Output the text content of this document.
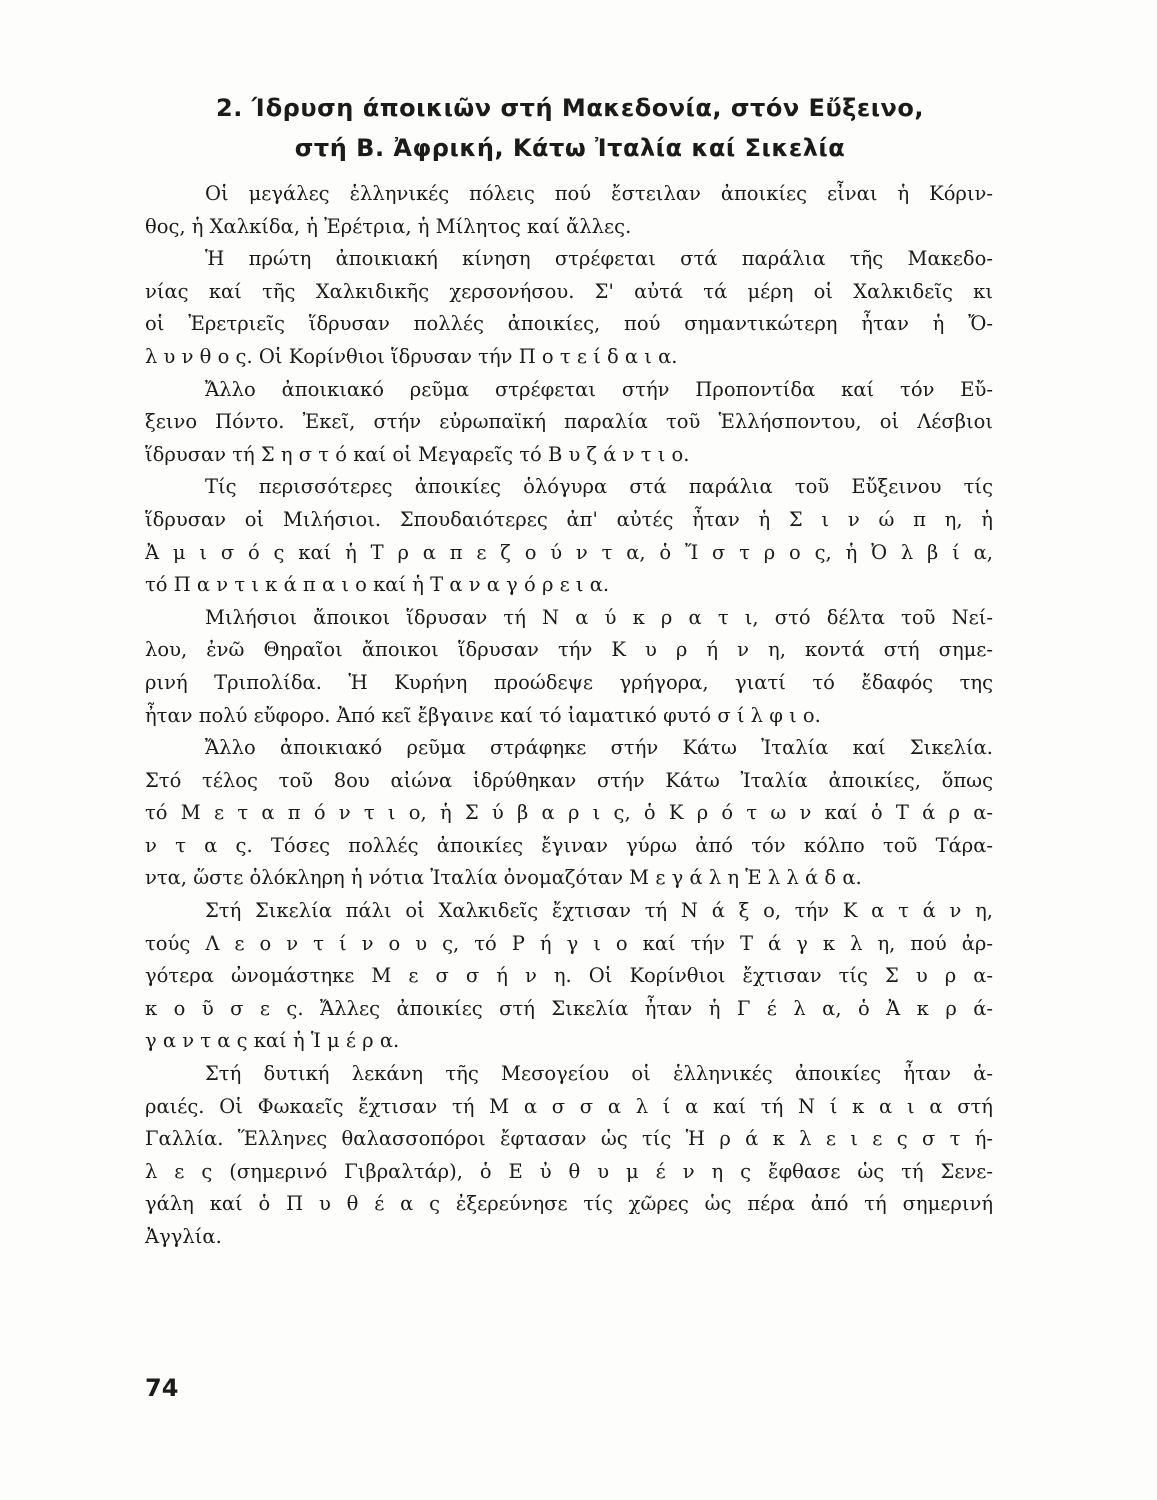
2. Ίδρυση άποικιῶν στή Μακεδονία, στόν Εὔξεινο,
στή Β. Ἀφρική, Κάτω Ἰταλία καί Σικελία
Οἱ μεγάλες ἑλληνικές πόλεις πού ἔστειλαν ἀποικίες εἶναι ἡ Κόριν-
θος, ἡ Χαλκίδα, ἡ Ἐρέτρια, ἡ Μίλητος καί ἄλλες.
Ἡ πρώτη ἀποικιακή κίνηση στρέφεται στά παράλια τῆς Μακεδο-
νίας καί τῆς Χαλκιδικῆς χερσονήσου. Σ' αὐτά τά μέρη οἱ Χαλκιδεῖς κι
οἱ Ἐρετριεῖς ἵδρυσαν πολλές ἀποικίες, πού σημαντικώτερη ἦταν ἡ Ὄ-
λ υ ν θ ο ς. Οἱ Κορίνθιοι ἵδρυσαν τήν Π ο τ ε ί δ α ι α.
Ἄλλο ἀποικιακό ρεῦμα στρέφεται στήν Προποντίδα καί τόν Εὔ-
ξεινο Πόντο. Ἐκεῖ, στήν εὐρωπαϊκή παραλία τοῦ Ἑλλήσποντου, οἱ Λέσβιοι
ἵδρυσαν τή Σ η σ τ ό καί οἱ Μεγαρεῖς τό Β υ ζ ά ν τ ι ο.
Τίς περισσότερες ἀποικίες ὁλόγυρα στά παράλια τοῦ Εὔξεινου τίς
ἵδρυσαν οἱ Μιλήσιοι. Σπουδαιότερες ἀπ' αὐτές ἦταν ἡ Σ ι ν ώ π η, ἡ
Ἀ μ ι σ ό ς καί ἡ Τ ρ α π ε ζ ο ύ ν τ α, ὁ Ἴ σ τ ρ ο ς, ἡ Ὀ λ β ί α,
τό Π α ν τ ι κ ά π α ι ο καί ἡ Τ α ν α γ ό ρ ε ι α.
Μιλήσιοι ἄποικοι ἵδρυσαν τή Ν α ύ κ ρ α τ ι, στό δέλτα τοῦ Νεί-
λου, ἐνῶ Θηραῖοι ἄποικοι ἵδρυσαν τήν Κ υ ρ ή ν η, κοντά στή σημε-
ρινή Τριπολίδα. Ἡ Κυρήνη προώδεψε γρήγορα, γιατί τό ἔδαφός της
ἦταν πολύ εὔφορο. Ἀπό κεῖ ἔβγαινε καί τό ἰαματικό φυτό σ ί λ φ ι ο.
Ἄλλο ἀποικιακό ρεῦμα στράφηκε στήν Κάτω Ἰταλία καί Σικελία.
Στό τέλος τοῦ 8ου αἰώνα ἱδρύθηκαν στήν Κάτω Ἰταλία ἀποικίες, ὅπως
τό Μ ε τ α π ό ν τ ι ο, ἡ Σ ύ β α ρ ι ς, ὁ Κ ρ ό τ ω ν καί ὁ Τ ά ρ α-
ν τ α ς. Τόσες πολλές ἀποικίες ἔγιναν γύρω ἀπό τόν κόλπο τοῦ Τάρα-
ντα, ὥστε ὁλόκληρη ἡ νότια Ἰταλία ὀνομαζόταν Μ ε γ ά λ η Ἑ λ λ ά δ α.
Στή Σικελία πάλι οἱ Χαλκιδεῖς ἔχτισαν τή Ν ά ξ ο, τήν Κ α τ ά ν η,
τούς Λ ε ο ν τ ί ν ο υ ς, τό Ρ ή γ ι ο καί τήν Τ ά γ κ λ η, πού ἀρ-
γότερα ὠνομάστηκε Μ ε σ σ ή ν η. Οἱ Κορίνθιοι ἔχτισαν τίς Σ υ ρ α-
κ ο ῦ σ ε ς. Ἄλλες ἀποικίες στή Σικελία ἦταν ἡ Γ έ λ α, ὁ Ἀ κ ρ ά-
γ α ν τ α ς καί ἡ Ἱ μ έ ρ α.
Στή δυτική λεκάνη τῆς Μεσογείου οἱ ἑλληνικές ἀποικίες ἦταν ἀ-
ραιές. Οἱ Φωκαεῖς ἔχτισαν τή Μ α σ σ α λ ί α καί τή Ν ί κ α ι α στή
Γαλλία. Ἕλληνες θαλασσοπόροι ἔφτασαν ὡς τίς Ἡ ρ ά κ λ ε ι ε ς σ τ ή-
λ ε ς (σημερινό Γιβραλτάρ), ὁ Ε ὐ θ υ μ έ ν η ς ἔφθασε ὡς τή Σενε-
γάλη καί ὁ Π υ θ έ α ς ἐξερεύνησε τίς χῶρες ὡς πέρα ἀπό τή σημερινή
Ἀγγλία.
74
